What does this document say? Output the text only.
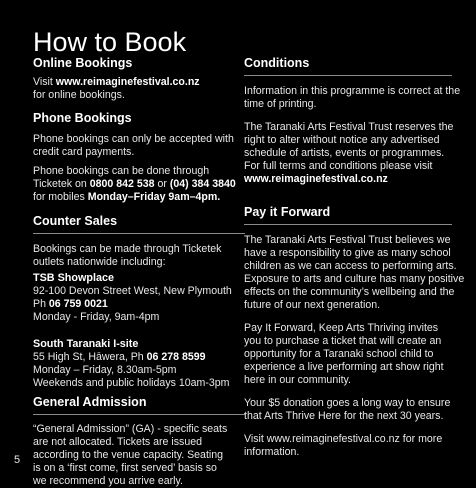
How to Book
Online Bookings
Visit www.reimaginefestival.co.nz
for online bookings.
Phone Bookings
Phone bookings can only be accepted with
credit card payments.
Phone bookings can be done through
Ticketek on 0800 842 538 or (04) 384 3840
for mobiles Monday–Friday 9am–4pm.
Counter Sales
Bookings can be made through Ticketek
outlets nationwide including:
TSB Showplace
92-100 Devon Street West, New Plymouth
Ph 06 759 0021
Monday - Friday, 9am-4pm
South Taranaki I-site
55 High St, Hāwera, Ph 06 278 8599
Monday – Friday, 8.30am-5pm
Weekends and public holidays 10am-3pm
General Admission
“General Admission” (GA) - specific seats
are not allocated. Tickets are issued
according to the venue capacity. Seating
is on a ‘first come, first served’ basis so
we recommend you arrive early.
Conditions
Information in this programme is correct at the
time of printing.
The Taranaki Arts Festival Trust reserves the
right to alter without notice any advertised
schedule of artists, events or programmes.
For full terms and conditions please visit
www.reimaginefestival.co.nz
Pay it Forward
The Taranaki Arts Festival Trust believes we
have a responsibility to give as many school
children as we can access to performing arts.
Exposure to arts and culture has many positive
effects on the community’s wellbeing and the
future of our next generation.
Pay It Forward, Keep Arts Thriving invites
you to purchase a ticket that will create an
opportunity for a Taranaki school child to
experience a live performing art show right
here in our community.
Your $5 donation goes a long way to ensure
that Arts Thrive Here for the next 30 years.
Visit www.reimaginefestival.co.nz for more
information.
5
